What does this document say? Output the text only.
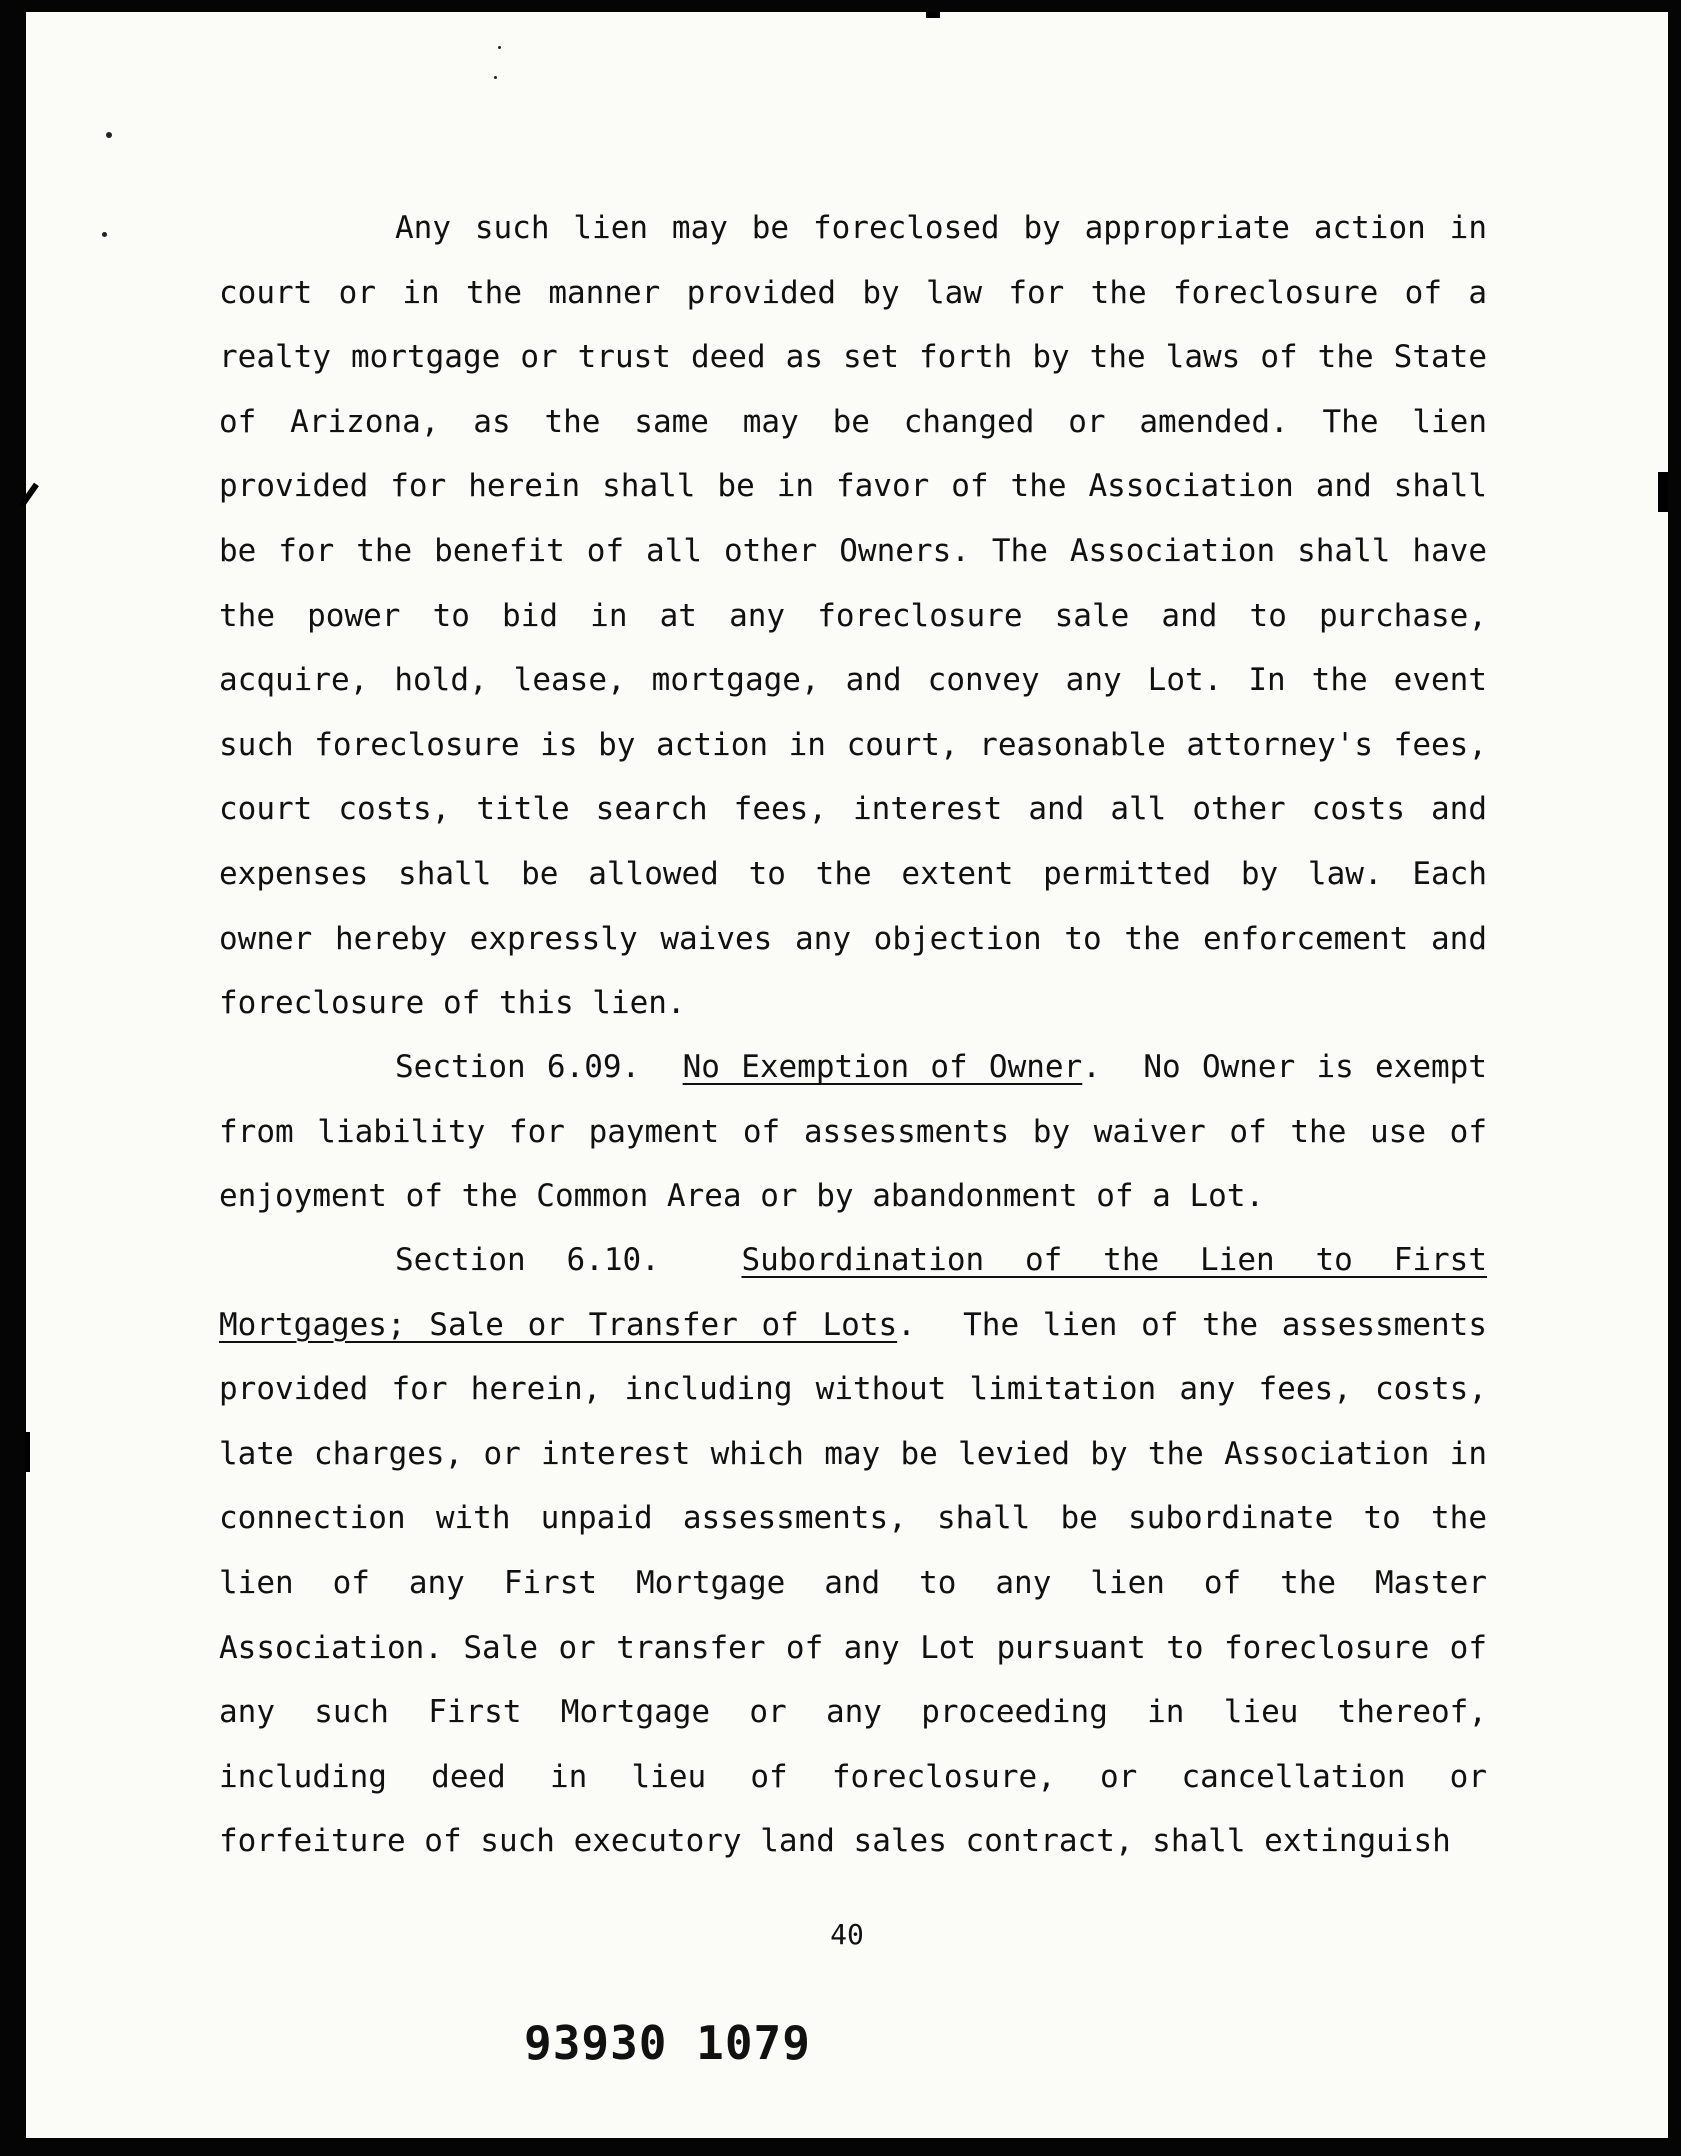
Any such lien may be foreclosed by appropriate action in court or in the manner provided by law for the foreclosure of a realty mortgage or trust deed as set forth by the laws of the State of Arizona, as the same may be changed or amended. The lien provided for herein shall be in favor of the Association and shall be for the benefit of all other Owners. The Association shall have the power to bid in at any foreclosure sale and to purchase, acquire, hold, lease, mortgage, and convey any Lot. In the event such foreclosure is by action in court, reasonable attorney's fees, court costs, title search fees, interest and all other costs and expenses shall be allowed to the extent permitted by law. Each owner hereby expressly waives any objection to the enforcement and foreclosure of this lien.

Section 6.09. No Exemption of Owner. No Owner is exempt from liability for payment of assessments by waiver of the use of enjoyment of the Common Area or by abandonment of a Lot.

Section 6.10.	Subordination of the Lien to First Mortgages; Sale or Transfer of Lots. The lien of the assessments provided for herein, including without limitation any fees, costs, late charges, or interest which may be levied by the Association in connection with unpaid assessments, shall be subordinate to the lien of any First Mortgage and to any lien of the Master Association. Sale or transfer of any Lot pursuant to foreclosure of any such First Mortgage or any proceeding in lieu thereof, including deed in lieu of foreclosure, or cancellation or forfeiture of such executory land sales contract, shall extinguish

40
93930 1079
